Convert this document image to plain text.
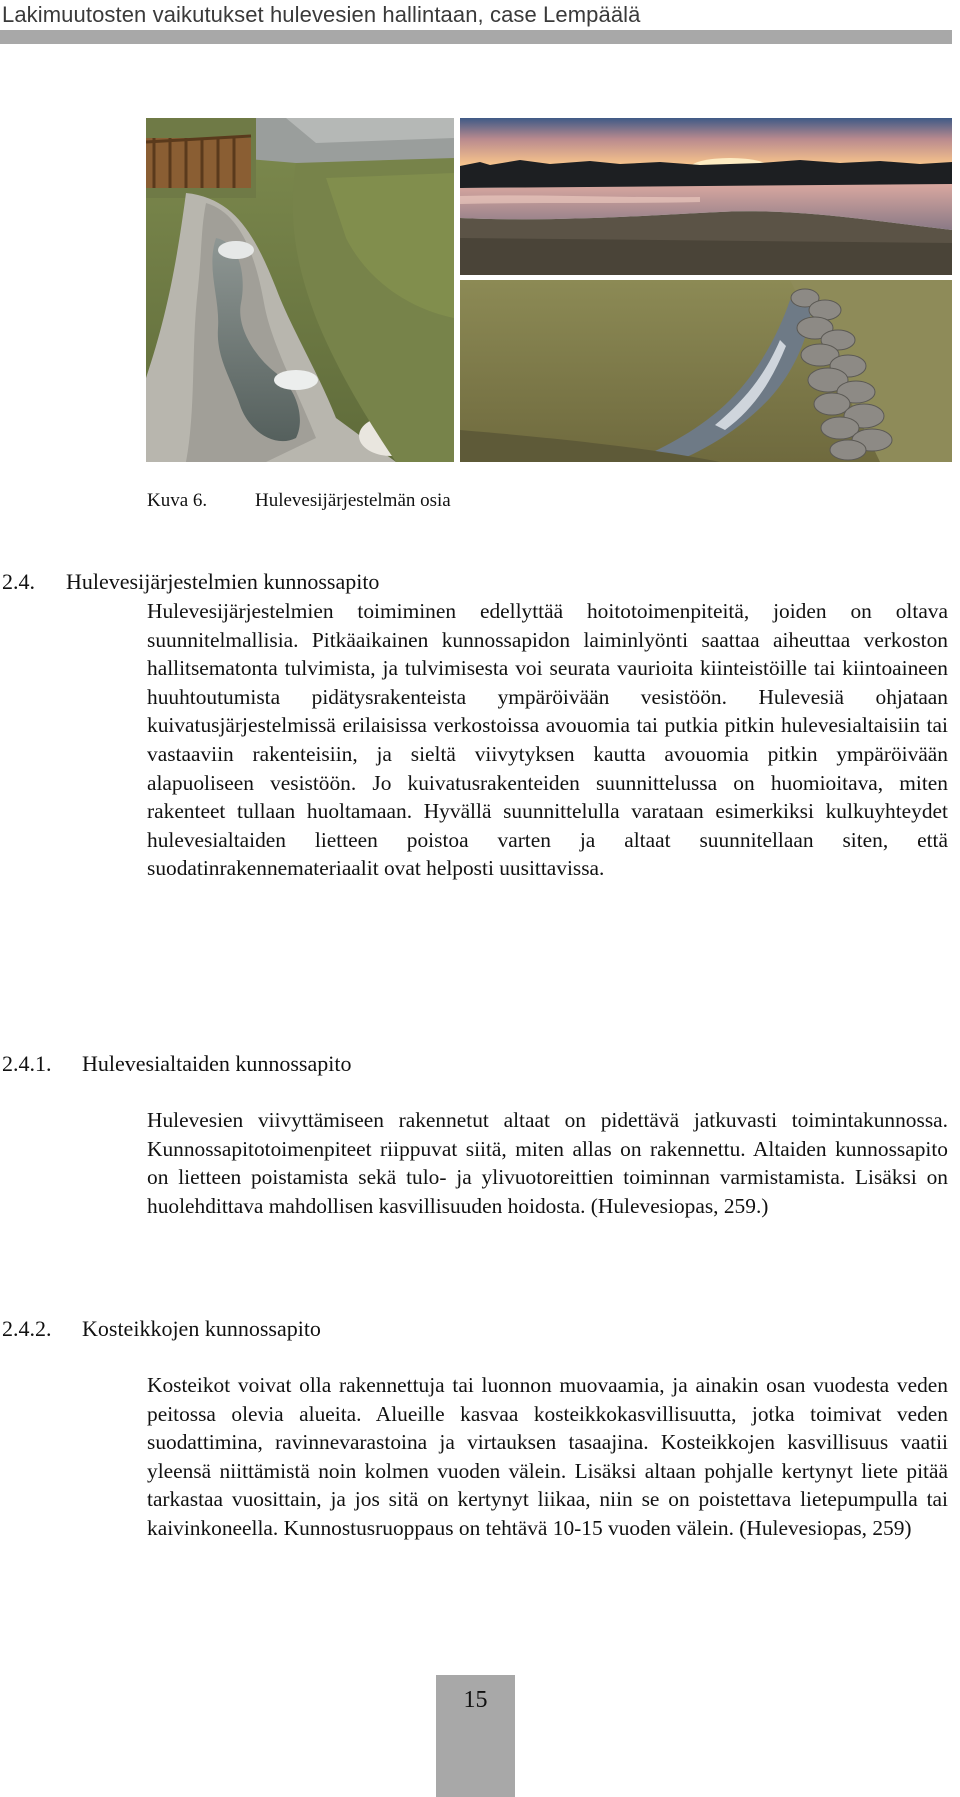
Lakimuutosten vaikutukset hulevesien hallintaan, case Lempäälä
Kuva 6.	Hulevesijärjestelmän osia
2.4. Hulevesijärjestelmien kunnossapito
Hulevesijärjestelmien toimiminen edellyttää hoitotoimenpiteitä, joiden on oltava suunnitelmallisia. Pitkäaikainen kunnossapidon laiminlyönti saattaa aiheuttaa verkoston hallitsematonta tulvimista, ja tulvimisesta voi seurata vaurioita kiinteistöille tai kiintoaineen huuhtoutumista pidätysrakenteista ympäröivään vesistöön. Hulevesiä ohjataan kuivatusjärjestelmissä erilaisissa verkostoissa avouomia tai putkia pitkin hulevesialtaisiin tai vastaaviin rakenteisiin, ja sieltä viivytyksen kautta avouomia pitkin ympäröivään alapuoliseen vesistöön. Jo kuivatusrakenteiden suunnittelussa on huomioitava, miten rakenteet tullaan huoltamaan. Hyvällä suunnittelulla varataan esimerkiksi kulkuyhteydet hulevesialtaiden lietteen poistoa varten ja altaat suunnitellaan siten, että suodatinrakennemateriaalit ovat helposti uusittavissa.
2.4.1. Hulevesialtaiden kunnossapito
Hulevesien viivyttämiseen rakennetut altaat on pidettävä jatkuvasti toimintakunnossa. Kunnossapitotoimenpiteet riippuvat siitä, miten allas on rakennettu. Altaiden kunnossapito on lietteen poistamista sekä tulo- ja ylivuotoreittien toiminnan varmistamista. Lisäksi on huolehdittava mahdollisen kasvillisuuden hoidosta. (Hulevesiopas, 259.)
2.4.2. Kosteikkojen kunnossapito
Kosteikot voivat olla rakennettuja tai luonnon muovaamia, ja ainakin osan vuodesta veden peitossa olevia alueita. Alueille kasvaa kosteikkokasvillisuutta, jotka toimivat veden suodattimina, ravinnevarastoina ja virtauksen tasaajina. Kosteikkojen kasvillisuus vaatii yleensä niittämistä noin kolmen vuoden välein. Lisäksi altaan pohjalle kertynyt liete pitää tarkastaa vuosittain, ja jos sitä on kertynyt liikaa, niin se on poistettava lietepumpulla tai kaivinkoneella. Kunnostusruoppaus on tehtävä 10-15 vuoden välein. (Hulevesiopas, 259)
15
